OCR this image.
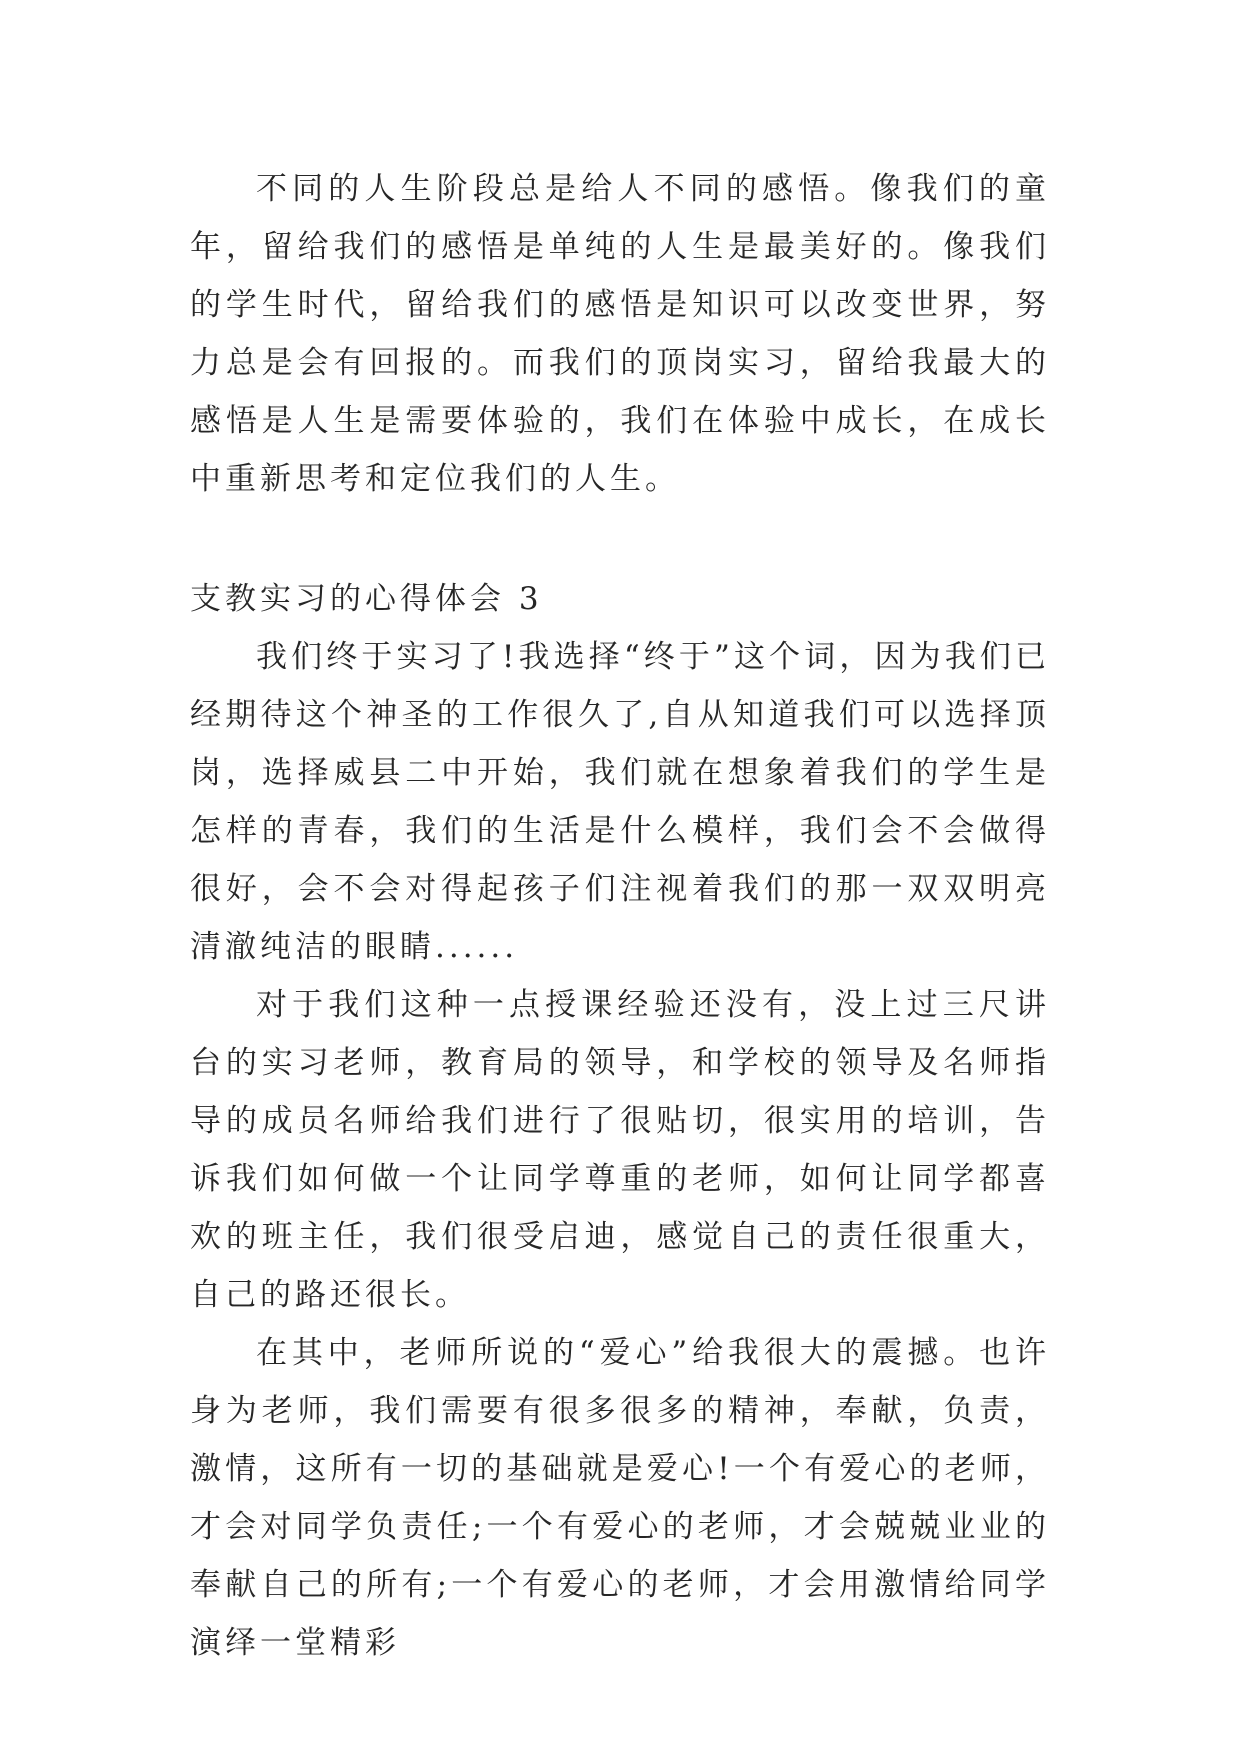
不同的人生阶段总是给人不同的感悟。像我们的童年，留给我们的感悟是单纯的人生是最美好的。像我们的学生时代，留给我们的感悟是知识可以改变世界，努力总是会有回报的。而我们的顶岗实习，留给我最大的感悟是人生是需要体验的，我们在体验中成长，在成长中重新思考和定位我们的人生。

支教实习的心得体会 3

我们终于实习了!我选择“终于”这个词，因为我们已经期待这个神圣的工作很久了,自从知道我们可以选择顶岗，选择威县二中开始，我们就在想象着我们的学生是怎样的青春，我们的生活是什么模样，我们会不会做得很好，会不会对得起孩子们注视着我们的那一双双明亮清澈纯洁的眼睛......

对于我们这种一点授课经验还没有，没上过三尺讲台的实习老师，教育局的领导，和学校的领导及名师指导的成员名师给我们进行了很贴切，很实用的培训，告诉我们如何做一个让同学尊重的老师，如何让同学都喜欢的班主任，我们很受启迪，感觉自己的责任很重大，自己的路还很长。

在其中，老师所说的“爱心”给我很大的震撼。也许身为老师，我们需要有很多很多的精神，奉献，负责，激情，这所有一切的基础就是爱心!一个有爱心的老师，才会对同学负责任;一个有爱心的老师，才会兢兢业业的奉献自己的所有;一个有爱心的老师，才会用激情给同学演绎一堂精彩
